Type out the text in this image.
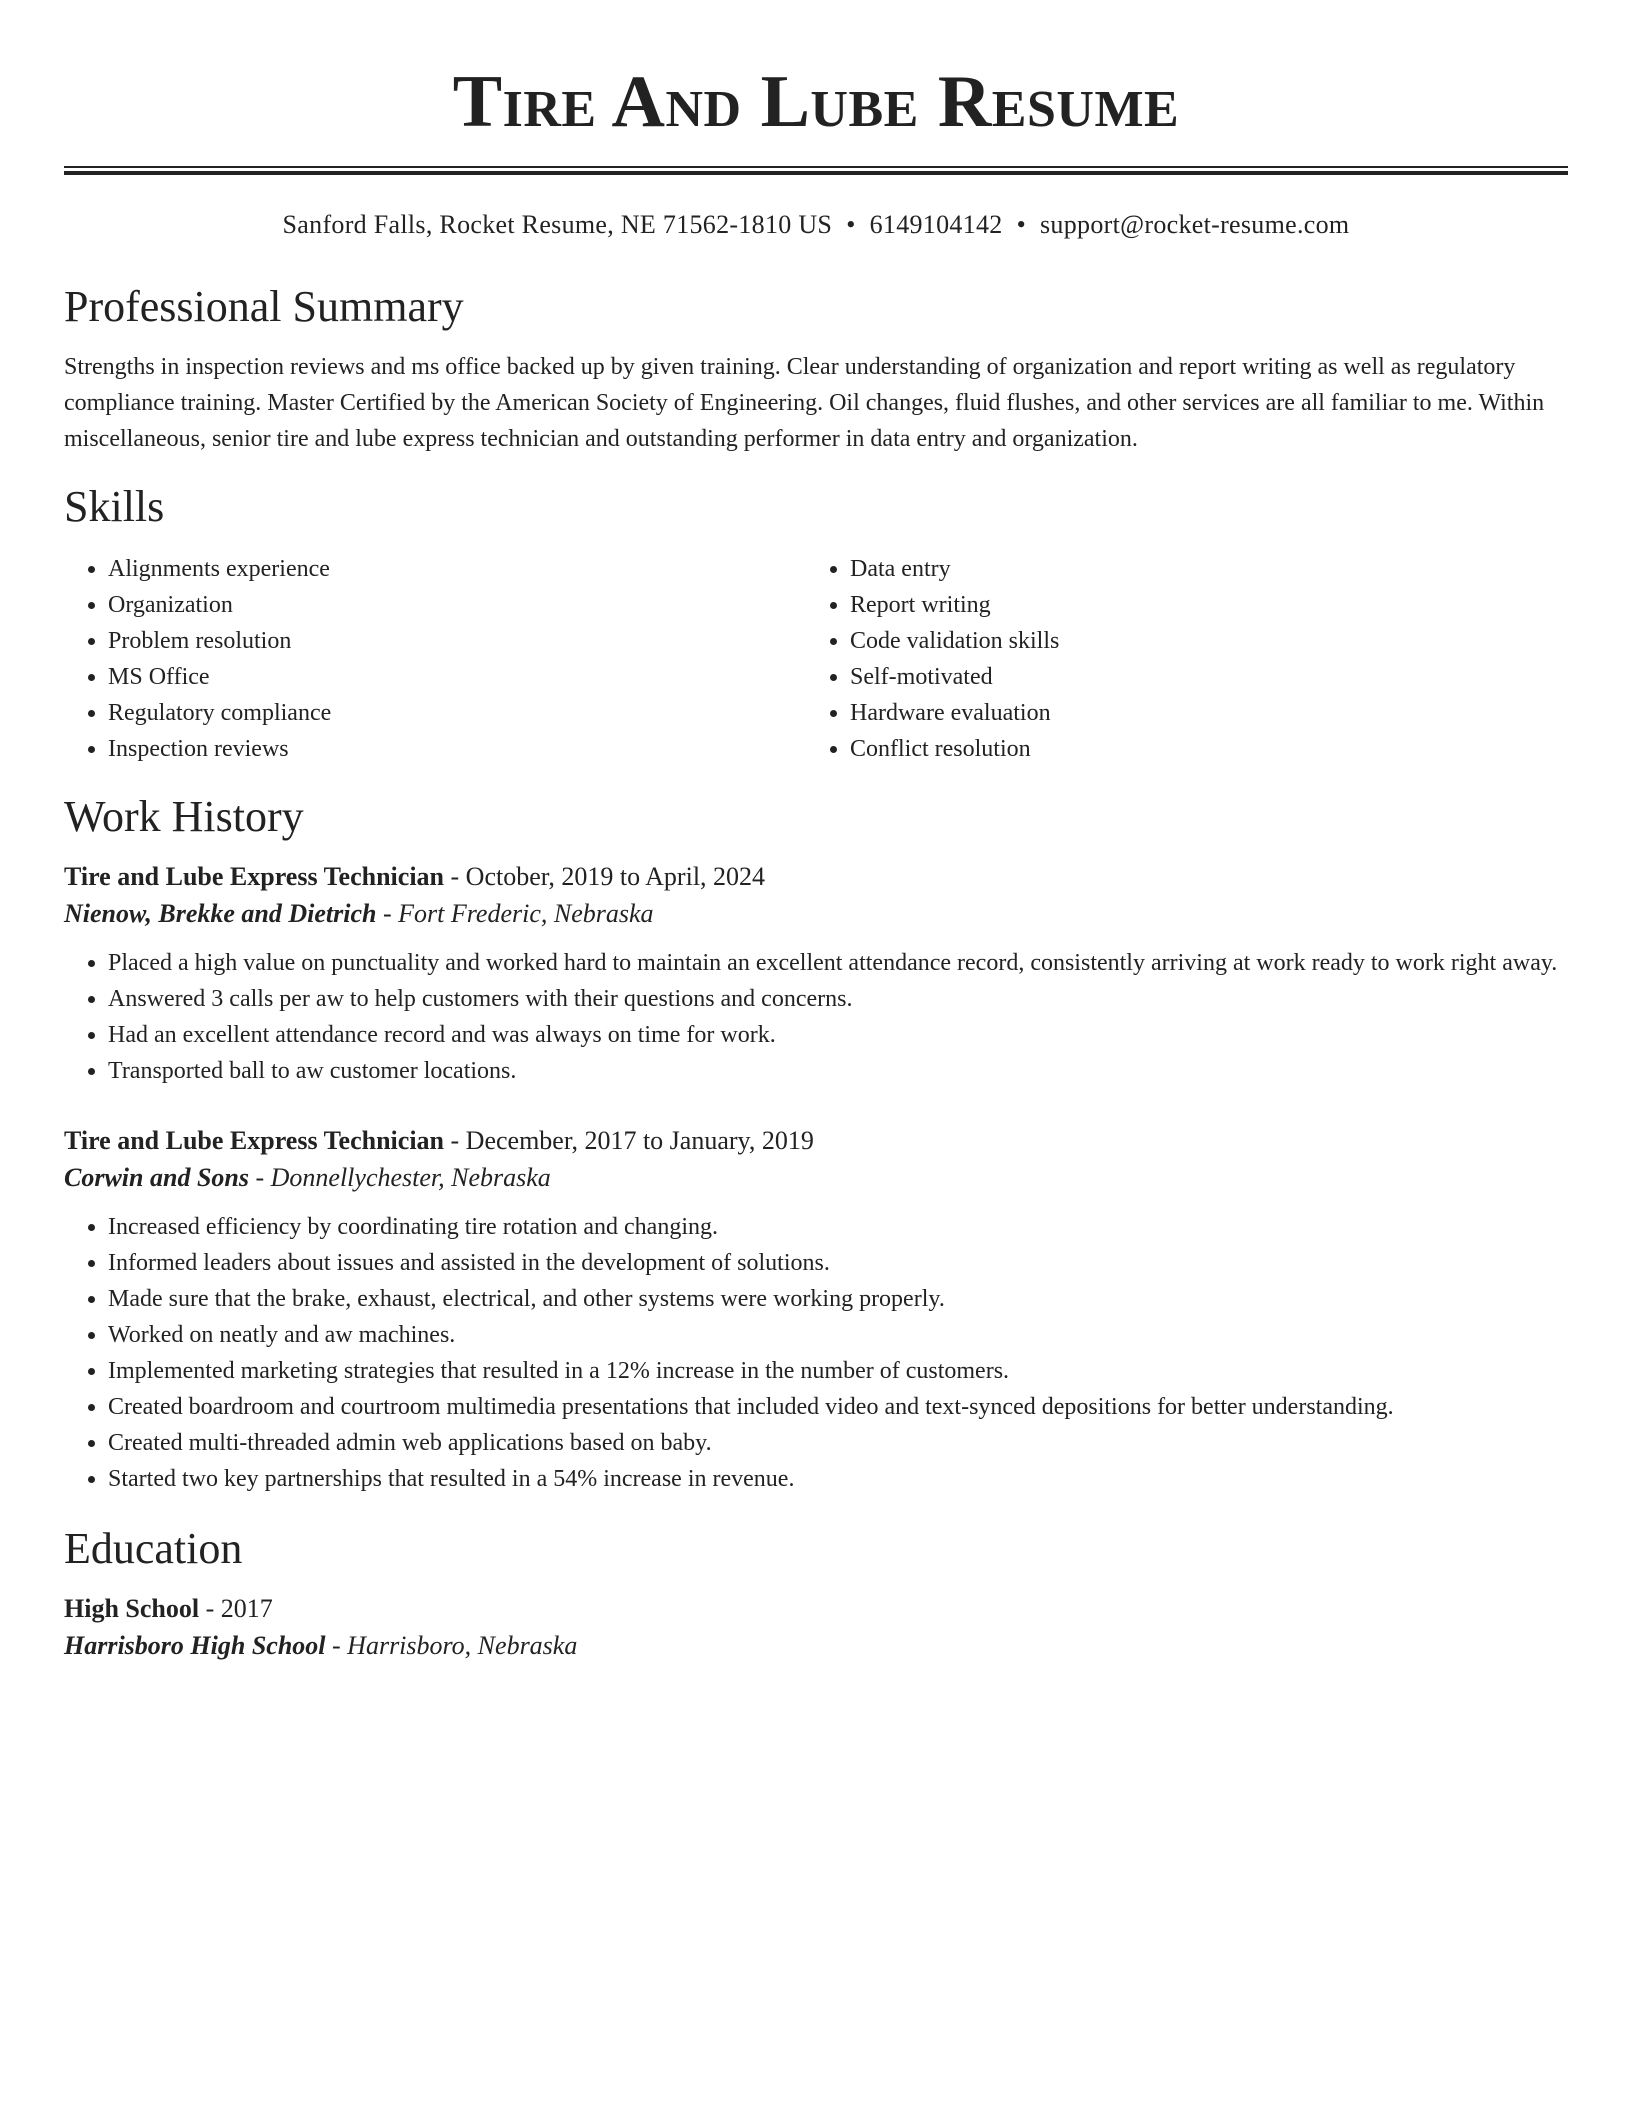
Tire And Lube Resume
Sanford Falls, Rocket Resume, NE 71562-1810 US • 6149104142 • support@rocket-resume.com
Professional Summary

Strengths in inspection reviews and ms office backed up by given training. Clear understanding of organization and report writing as well as regulatory compliance training. Master Certified by the American Society of Engineering. Oil changes, fluid flushes, and other services are all familiar to me. Within miscellaneous, senior tire and lube express technician and outstanding performer in data entry and organization.

Skills
• Alignments experience
• Organization
• Problem resolution
• MS Office
• Regulatory compliance
• Inspection reviews
• Data entry
• Report writing
• Code validation skills
• Self-motivated
• Hardware evaluation
• Conflict resolution
Work History
Tire and Lube Express Technician - October, 2019 to April, 2024
Nienow, Brekke and Dietrich - Fort Frederic, Nebraska
• Placed a high value on punctuality and worked hard to maintain an excellent attendance record, consistently arriving at work ready to work right away.
• Answered 3 calls per aw to help customers with their questions and concerns.
• Had an excellent attendance record and was always on time for work.
• Transported ball to aw customer locations.
Tire and Lube Express Technician - December, 2017 to January, 2019
Corwin and Sons - Donnellychester, Nebraska
• Increased efficiency by coordinating tire rotation and changing.
• Informed leaders about issues and assisted in the development of solutions.
• Made sure that the brake, exhaust, electrical, and other systems were working properly.
• Worked on neatly and aw machines.
• Implemented marketing strategies that resulted in a 12% increase in the number of customers.
• Created boardroom and courtroom multimedia presentations that included video and text-synced depositions for better understanding.
• Created multi-threaded admin web applications based on baby.
• Started two key partnerships that resulted in a 54% increase in revenue.
Education
High School - 2017
Harrisboro High School - Harrisboro, Nebraska
